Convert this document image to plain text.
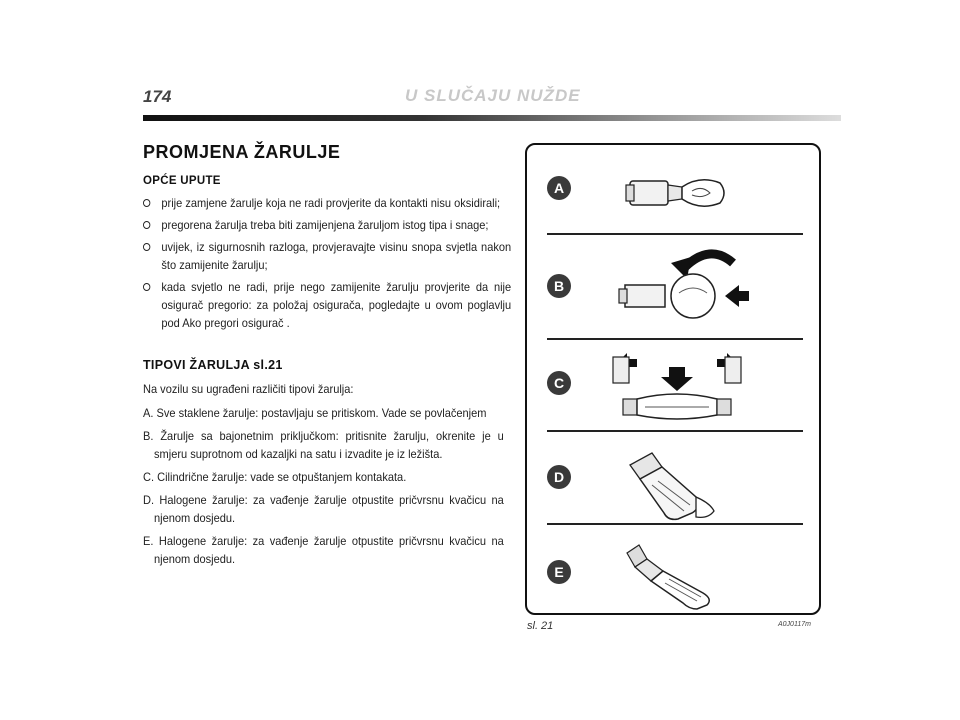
174	U SLUČAJU NUŽDE
PROMJENA ŽARULJE
OPĆE UPUTE
prije zamjene žarulje koja ne radi provjerite da kontakti nisu oksidirali;
pregorena žarulja treba biti zamijenjena žaruljom istog tipa i snage;
uvijek, iz sigurnosnih razloga, provjeravajte visinu snopa svjetla nakon što zamijenite žarulju;
kada svjetlo ne radi, prije nego zamijenite žarulju provjerite da nije osigurač pregorio: za položaj osigurača, pogledajte u ovom poglavlju pod Ako pregori osigurač .
TIPOVI ŽARULJA sl.21
Na vozilu su ugrađeni različiti tipovi žarulja:
A. Sve staklene žarulje: postavljaju se pritiskom. Vade se povlačenjem
B. Žarulje sa bajonetnim priključkom: pritisnite žarulju, okrenite je u smjeru suprotnom od kazaljki na satu i izvadite je iz ležišta.
C. Cilindrične žarulje: vade se otpuštanjem kontakata.
D. Halogene žarulje: za vađenje žarulje otpustite pričvrsnu kvačicu na njenom dosjedu.
E. Halogene žarulje: za vađenje žarulje otpustite pričvrsnu kvačicu na njenom dosjedu.
A
B
C
D
E
sl. 21	A0J0117m
